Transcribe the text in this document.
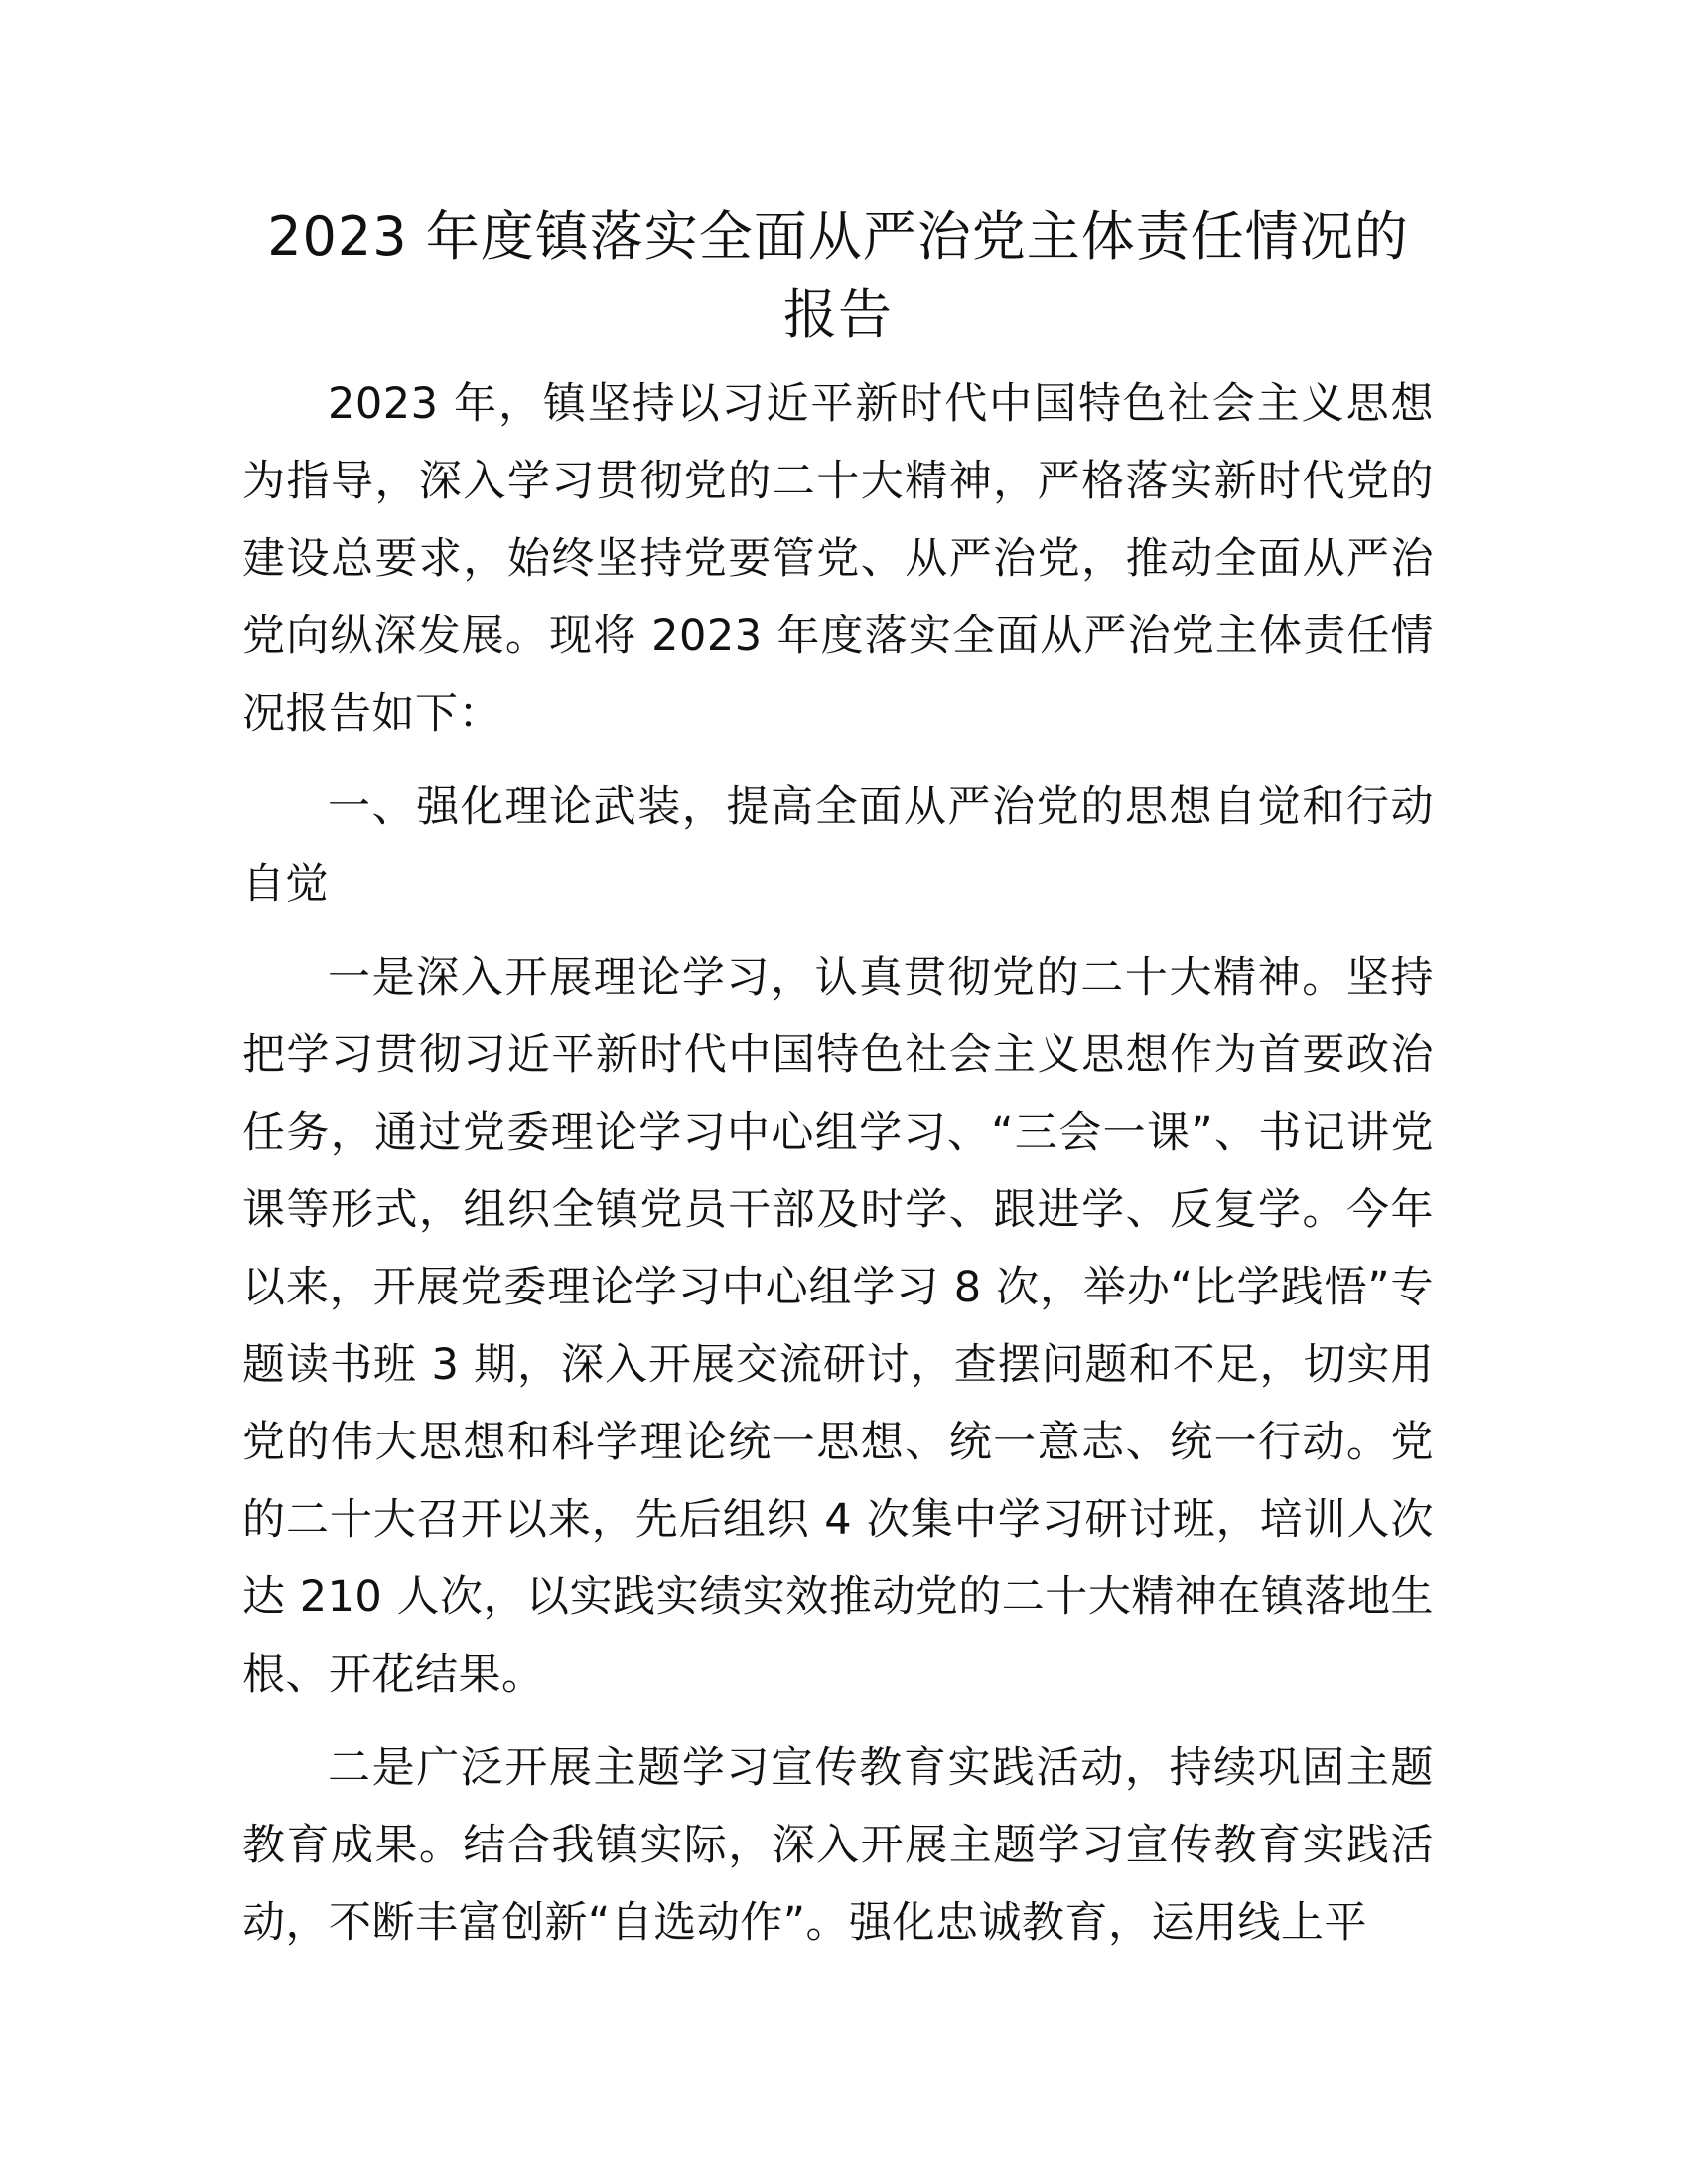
2023 年度镇落实全面从严治党主体责任情况的报告

2023 年，镇坚持以习近平新时代中国特色社会主义思想为指导，深入学习贯彻党的二十大精神，严格落实新时代党的建设总要求，始终坚持党要管党、从严治党，推动全面从严治党向纵深发展。现将 2023 年度落实全面从严治党主体责任情况报告如下：

一、强化理论武装，提高全面从严治党的思想自觉和行动自觉

一是深入开展理论学习，认真贯彻党的二十大精神。坚持把学习贯彻习近平新时代中国特色社会主义思想作为首要政治任务，通过党委理论学习中心组学习、“三会一课”、书记讲党课等形式，组织全镇党员干部及时学、跟进学、反复学。今年以来，开展党委理论学习中心组学习 8 次，举办“比学践悟”专题读书班 3 期，深入开展交流研讨，查摆问题和不足，切实用党的伟大思想和科学理论统一思想、统一意志、统一行动。党的二十大召开以来，先后组织 4 次集中学习研讨班，培训人次达 210 人次，以实践实绩实效推动党的二十大精神在镇落地生根、开花结果。

二是广泛开展主题学习宣传教育实践活动，持续巩固主题教育成果。结合我镇实际，深入开展主题学习宣传教育实践活动，不断丰富创新“自选动作”。强化忠诚教育，运用线上平
